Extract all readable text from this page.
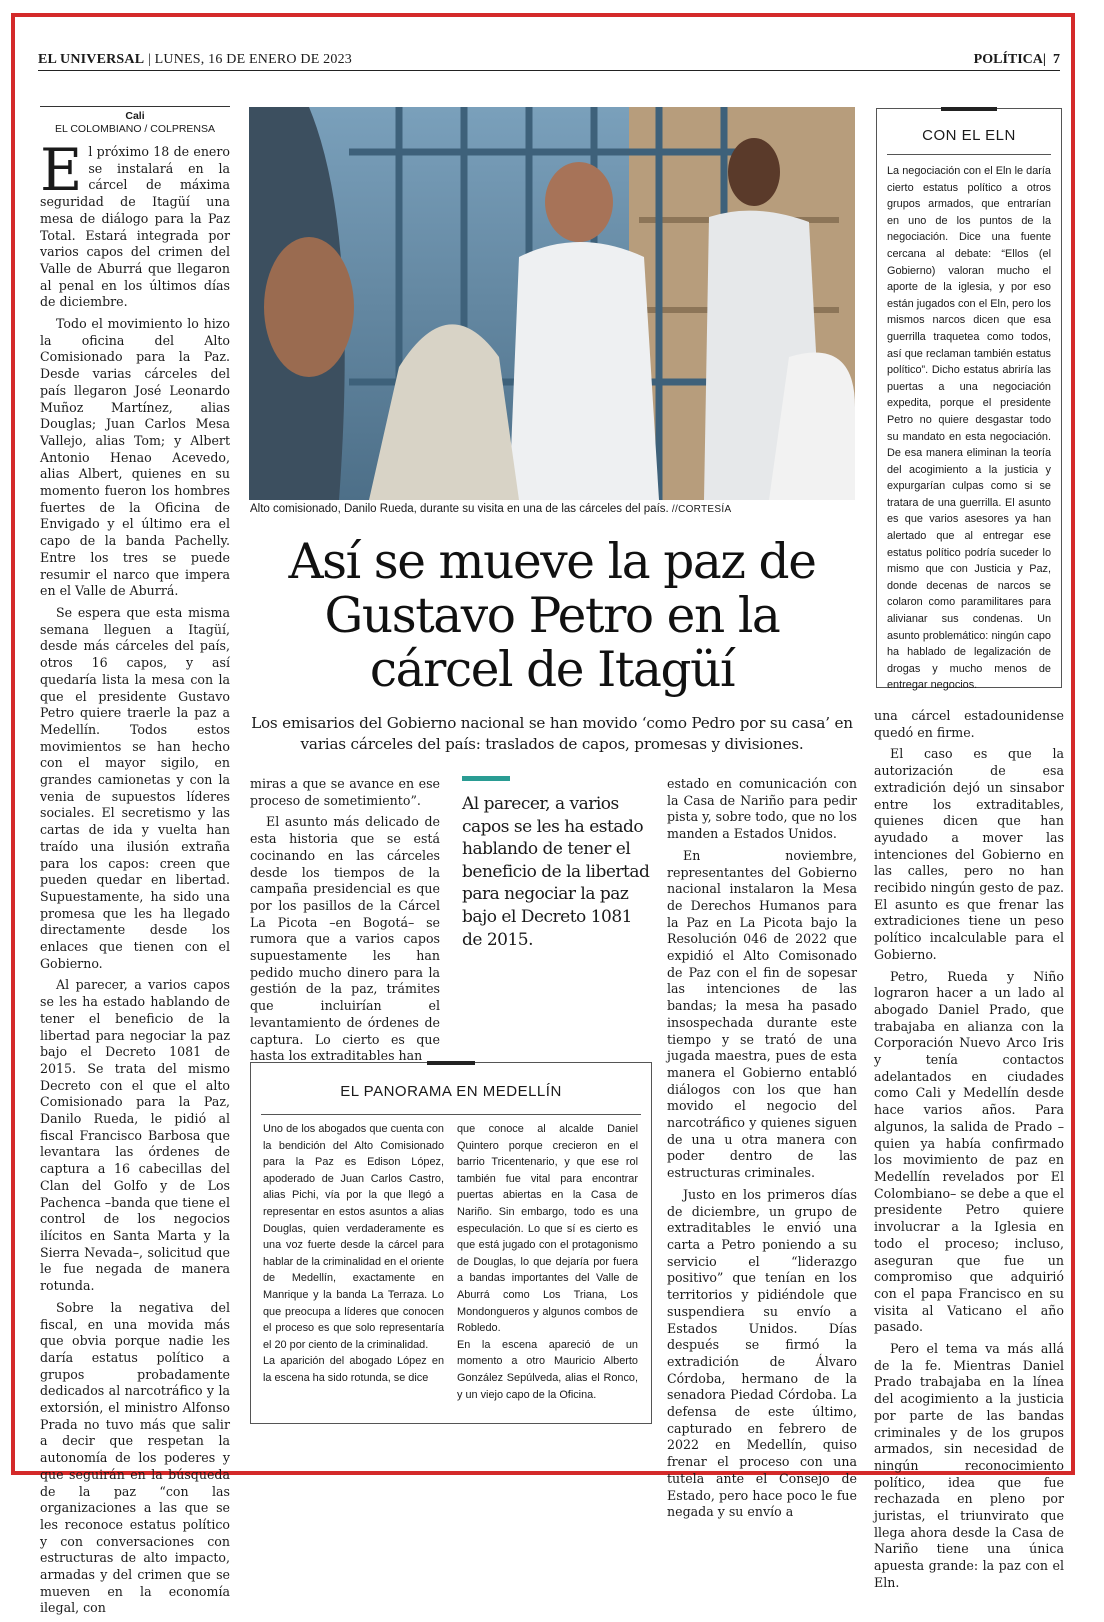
EL UNIVERSAL | LUNES, 16 DE ENERO DE 2023	POLÍTICA|  7
Cali
EL COLOMBIANO / COLPRENSA

El próximo 18 de enero se instalará en la cárcel de máxima seguridad de Itagüí una mesa de diálogo para la Paz Total. Estará integrada por varios capos del crimen del Valle de Aburrá que llegaron al penal en los últimos días de diciembre.

Todo el movimiento lo hizo la oficina del Alto Comisionado para la Paz. Desde varias cárceles del país llegaron José Leonardo Muñoz Martínez, alias Douglas; Juan Carlos Mesa Vallejo, alias Tom; y Albert Antonio Henao Acevedo, alias Albert, quienes en su momento fueron los hombres fuertes de la Oficina de Envigado y el último era el capo de la banda Pachelly. Entre los tres se puede resumir el narco que impera en el Valle de Aburrá.

Se espera que esta misma semana lleguen a Itagüí, desde más cárceles del país, otros 16 capos, y así quedaría lista la mesa con la que el presidente Gustavo Petro quiere traerle la paz a Medellín. Todos estos movimientos se han hecho con el mayor sigilo, en grandes camionetas y con la venia de supuestos líderes sociales. El secretismo y las cartas de ida y vuelta han traído una ilusión extraña para los capos: creen que pueden quedar en libertad. Supuestamente, ha sido una promesa que les ha llegado directamente desde los enlaces que tienen con el Gobierno.

Al parecer, a varios capos se les ha estado hablando de tener el beneficio de la libertad para negociar la paz bajo el Decreto 1081 de 2015. Se trata del mismo Decreto con el que el alto Comisionado para la Paz, Danilo Rueda, le pidió al fiscal Francisco Barbosa que levantara las órdenes de captura a 16 cabecillas del Clan del Golfo y de Los Pachenca –banda que tiene el control de los negocios ilícitos en Santa Marta y la Sierra Nevada–, solicitud que le fue negada de manera rotunda.

Sobre la negativa del fiscal, en una movida más que obvia porque nadie les daría estatus político a grupos probadamente dedicados al narcotráfico y la extorsión, el ministro Alfonso Prada no tuvo más que salir a decir que respetan la autonomía de los poderes y que seguirán en la búsqueda de la paz “con las organizaciones a las que se les reconoce estatus político y con conversaciones con estructuras de alto impacto, armadas y del crimen que se mueven en la economía ilegal, con

miras a que se avance en ese proceso de sometimiento”.

El asunto más delicado de esta historia que se está cocinando en las cárceles desde los tiempos de la campaña presidencial es que por los pasillos de la Cárcel La Picota –en Bogotá– se rumora que a varios capos supuestamente les han pedido mucho dinero para la gestión de la paz, trámites que incluirían el levantamiento de órdenes de captura. Lo cierto es que hasta los extraditables han

estado en comunicación con la Casa de Nariño para pedir pista y, sobre todo, que no los manden a Estados Unidos.

En noviembre, representantes del Gobierno nacional instalaron la Mesa de Derechos Humanos para la Paz en La Picota bajo la Resolución 046 de 2022 que expidió el Alto Comisonado de Paz con el fin de sopesar las intenciones de las bandas; la mesa ha pasado insospechada durante este tiempo y se trató de una jugada maestra, pues de esta manera el Gobierno entabló diálogos con los que han movido el negocio del narcotráfico y quienes siguen de una u otra manera con poder dentro de las estructuras criminales.

Justo en los primeros días de diciembre, un grupo de extraditables le envió una carta a Petro poniendo a su servicio el “liderazgo positivo” que tenían en los territorios y pidiéndole que suspendiera su envío a Estados Unidos. Días después se firmó la extradición de Álvaro Córdoba, hermano de la senadora Piedad Córdoba. La defensa de este último, capturado en febrero de 2022 en Medellín, quiso frenar el proceso con una tutela ante el Consejo de Estado, pero hace poco le fue negada y su envío a

una cárcel estadounidense quedó en firme.

El caso es que la autorización de esa extradición dejó un sinsabor entre los extraditables, quienes dicen que han ayudado a mover las intenciones del Gobierno en las calles, pero no han recibido ningún gesto de paz. El asunto es que frenar las extradiciones tiene un peso político incalculable para el Gobierno.

Petro, Rueda y Niño lograron hacer a un lado al abogado Daniel Prado, que trabajaba en alianza con la Corporación Nuevo Arco Iris y tenía contactos adelantados en ciudades como Cali y Medellín desde hace varios años. Para algunos, la salida de Prado –quien ya había confirmado los movimiento de paz en Medellín revelados por El Colombiano– se debe a que el presidente Petro quiere involucrar a la Iglesia en todo el proceso; incluso, aseguran que fue un compromiso que adquirió con el papa Francisco en su visita al Vaticano el año pasado.

Pero el tema va más allá de la fe. Mientras Daniel Prado trabajaba en la línea del acogimiento a la justicia por parte de las bandas criminales y de los grupos armados, sin necesidad de ningún reconocimiento político, idea que fue rechazada en pleno por juristas, el triunvirato que llega ahora desde la Casa de Nariño tiene una única apuesta grande: la paz con el Eln.

Alto comisionado, Danilo Rueda, durante su visita en una de las cárceles del país. //CORTESÍA
Así se mueve la paz de Gustavo Petro en la cárcel de Itagüí
Los emisarios del Gobierno nacional se han movido ‘como Pedro por su casa’ en varias cárceles del país: traslados de capos, promesas y divisiones.
Al parecer, a varios capos se les ha estado hablando de tener el beneficio de la libertad para negociar la paz bajo el Decreto 1081 de 2015.
CON EL ELN
La negociación con el Eln le daría cierto estatus político a otros grupos armados, que entrarían en uno de los puntos de la negociación. Dice una fuente cercana al debate: “Ellos (el Gobierno) valoran mucho el aporte de la iglesia, y por eso están jugados con el Eln, pero los mismos narcos dicen que esa guerrilla traquetea como todos, así que reclaman también estatus político”. Dicho estatus abriría las puertas a una negociación expedita, porque el presidente Petro no quiere desgastar todo su mandato en esta negociación. De esa manera eliminan la teoría del acogimiento a la justicia y expurgarían culpas como si se tratara de una guerrilla. El asunto es que varios asesores ya han alertado que al entregar ese estatus político podría suceder lo mismo que con Justicia y Paz, donde decenas de narcos se colaron como paramilitares para alivianar sus condenas. Un asunto problemático: ningún capo ha hablado de legalización de drogas y mucho menos de entregar negocios.
EL PANORAMA EN MEDELLÍN

Uno de los abogados que cuenta con la bendición del Alto Comisionado para la Paz es Edison López, apoderado de Juan Carlos Castro, alias Pichi, vía por la que llegó a representar en estos asuntos a alias Douglas, quien verdaderamente es una voz fuerte desde la cárcel para hablar de la criminalidad en el oriente de Medellín, exactamente en Manrique y la banda La Terraza. Lo que preocupa a líderes que conocen el proceso es que solo representaría el 20 por ciento de la criminalidad.

La aparición del abogado López en la escena ha sido rotunda, se dice

que conoce al alcalde Daniel Quintero porque crecieron en el barrio Tricentenario, y que ese rol también fue vital para encontrar puertas abiertas en la Casa de Nariño. Sin embargo, todo es una especulación. Lo que sí es cierto es que está jugado con el protagonismo de Douglas, lo que dejaría por fuera a bandas importantes del Valle de Aburrá como Los Triana, Los Mondongueros y algunos combos de Robledo.

En la escena apareció de un momento a otro Mauricio Alberto González Sepúlveda, alias el Ronco, y un viejo capo de la Oficina.
